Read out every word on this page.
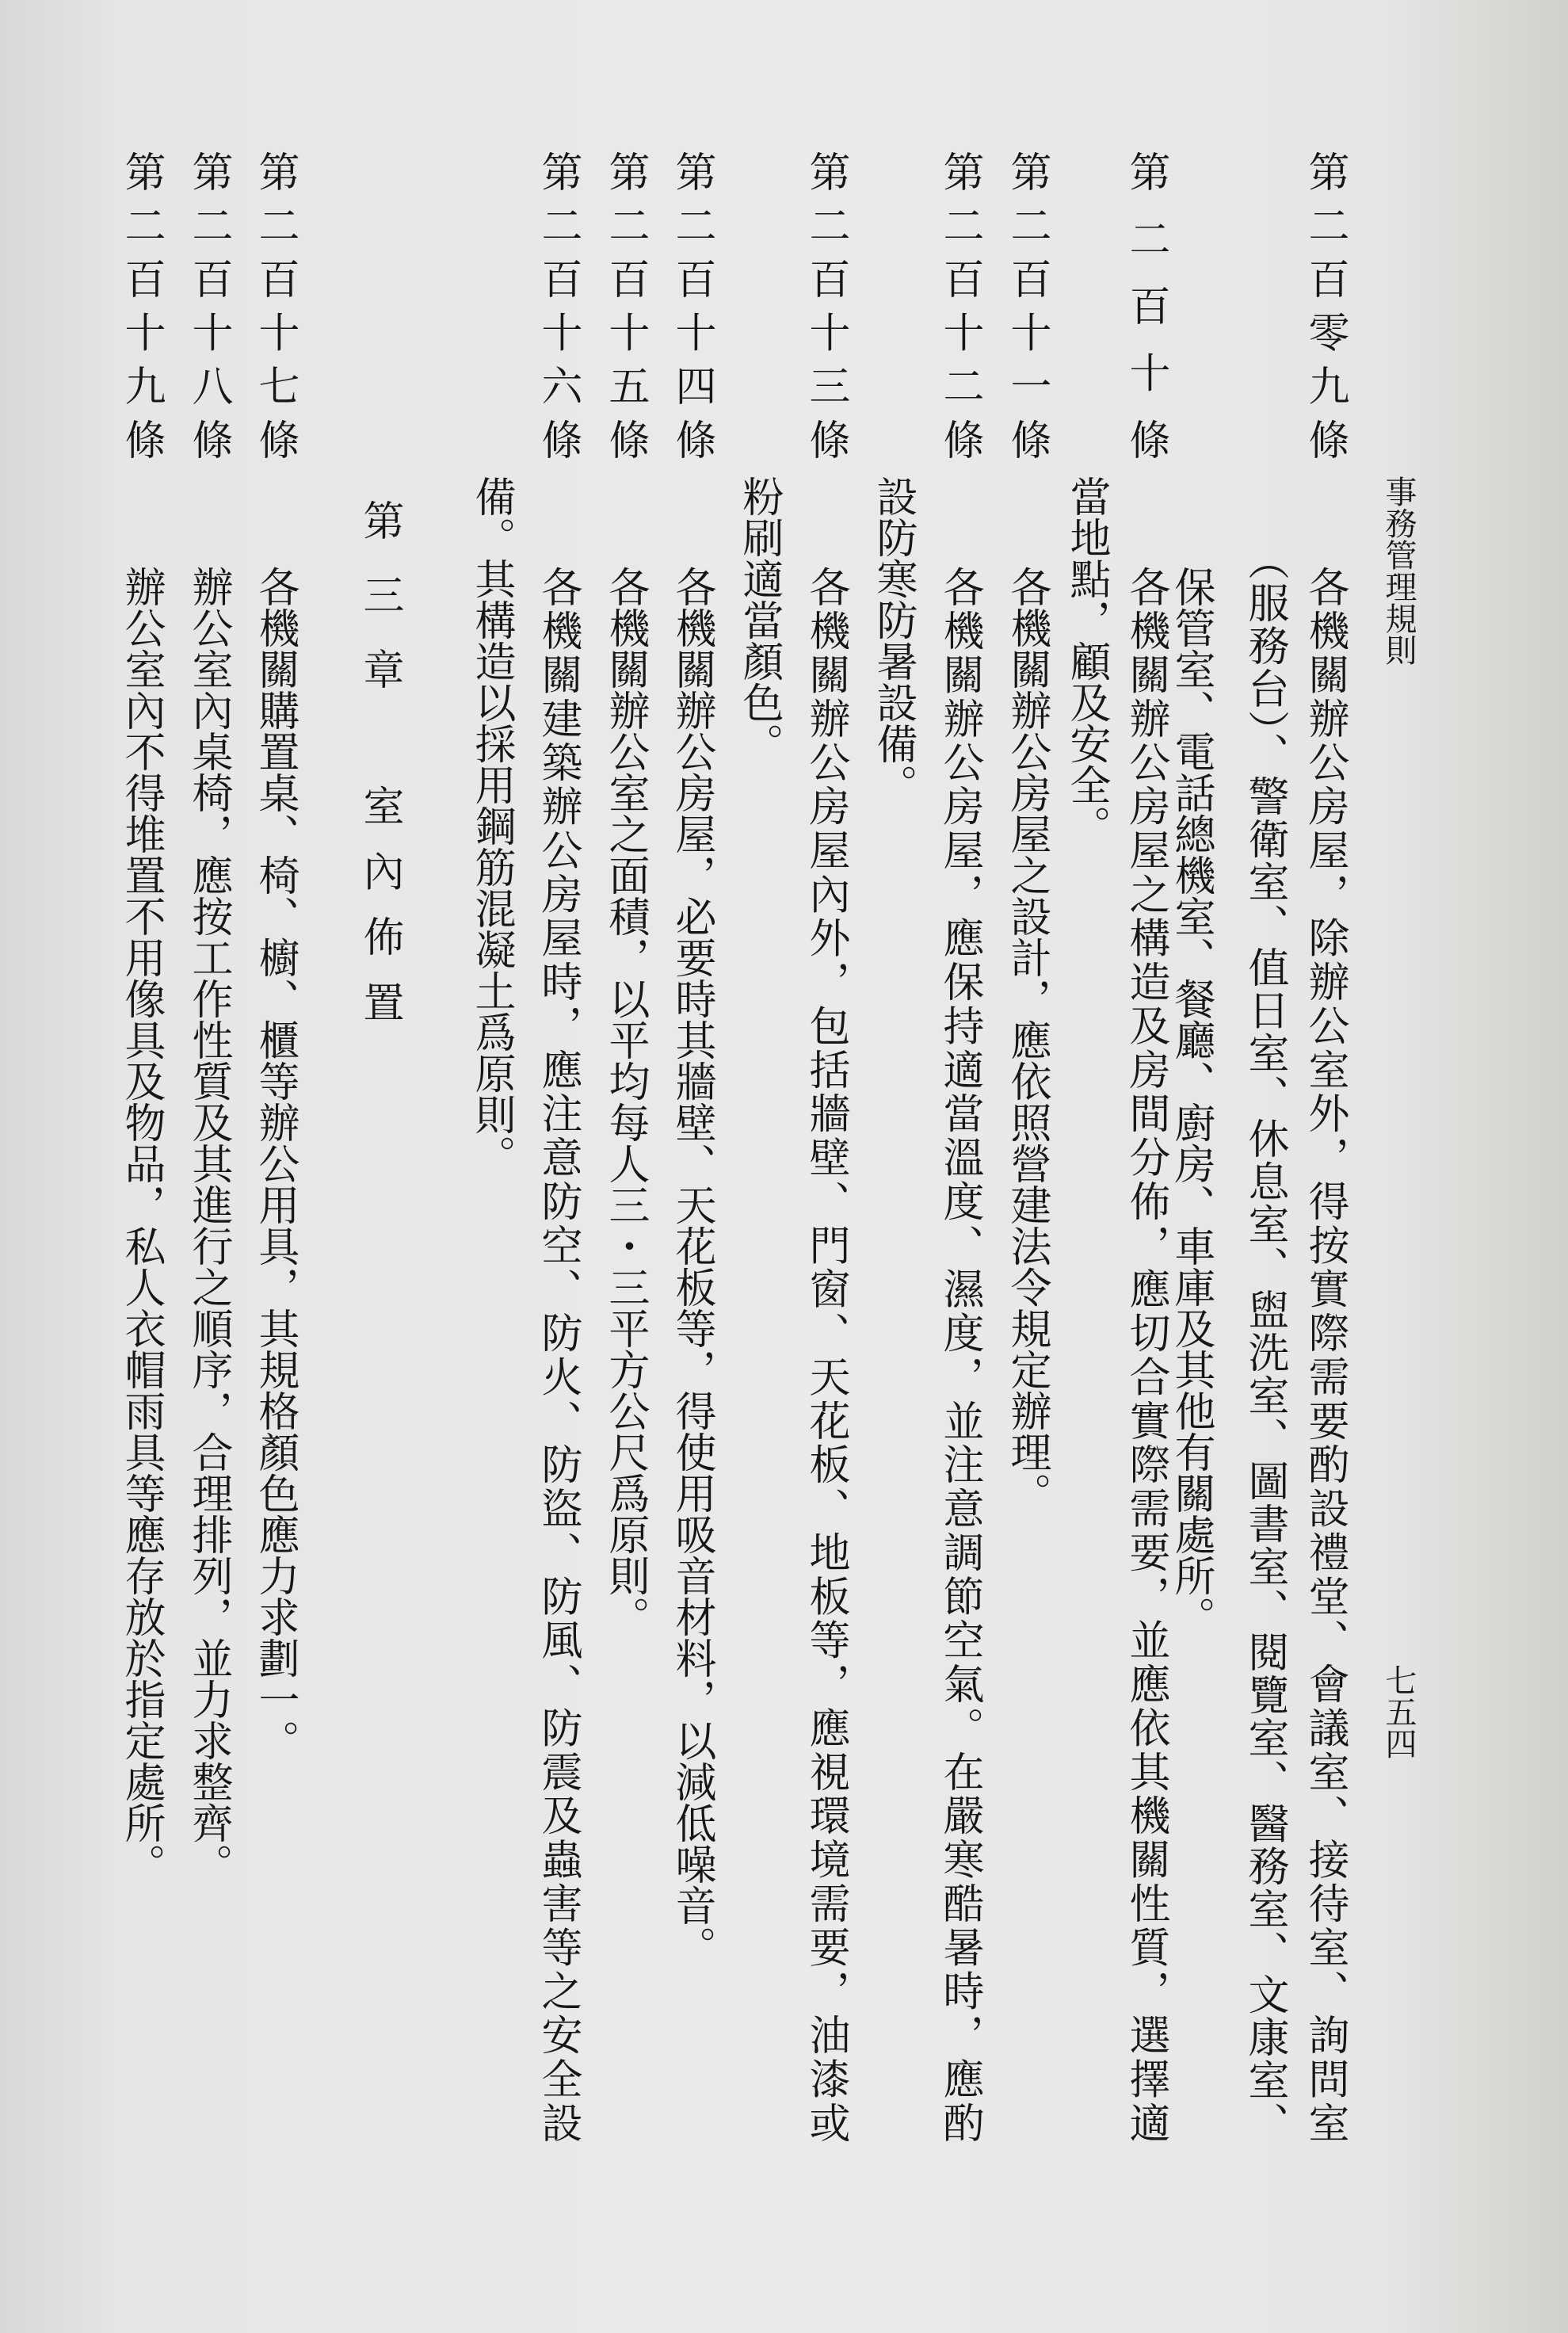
事務管理規則
七五四
第二百零九條
各機關辦公房屋，除辦公室外，得按實際需要酌設禮堂、會議室、接待室、詢問室
（服務台）、警衛室、值日室、休息室、盥洗室、圖書室、閱覽室、醫務室、文康室、
保管室、電話總機室、餐廳、廚房、車庫及其他有關處所。
第二百十條
各機關辦公房屋之構造及房間分佈，應切合實際需要，並應依其機關性質，選擇適
當地點，顧及安全。
第二百十一條
各機關辦公房屋之設計，應依照營建法令規定辦理。
第二百十二條
各機關辦公房屋，應保持適當溫度、濕度，並注意調節空氣。在嚴寒酷暑時，應酌
設防寒防暑設備。
第二百十三條
各機關辦公房屋內外，包括牆壁、門窗、天花板、地板等，應視環境需要，油漆或
粉刷適當顏色。
第二百十四條
各機關辦公房屋，必要時其牆壁、天花板等，得使用吸音材料，以減低噪音。
第二百十五條
各機關辦公室之面積，以平均每人三・三平方公尺爲原則。
第二百十六條
各機關建築辦公房屋時，應注意防空、防火、防盜、防風、防震及蟲害等之安全設
備。其構造以採用鋼筋混凝土爲原則。
第三章
室內佈置
第二百十七條
各機關購置桌、椅、櫥、櫃等辦公用具，其規格顏色應力求劃一。
第二百十八條
辦公室內桌椅，應按工作性質及其進行之順序，合理排列，並力求整齊。
第二百十九條
辦公室內不得堆置不用像具及物品，私人衣帽雨具等應存放於指定處所。
